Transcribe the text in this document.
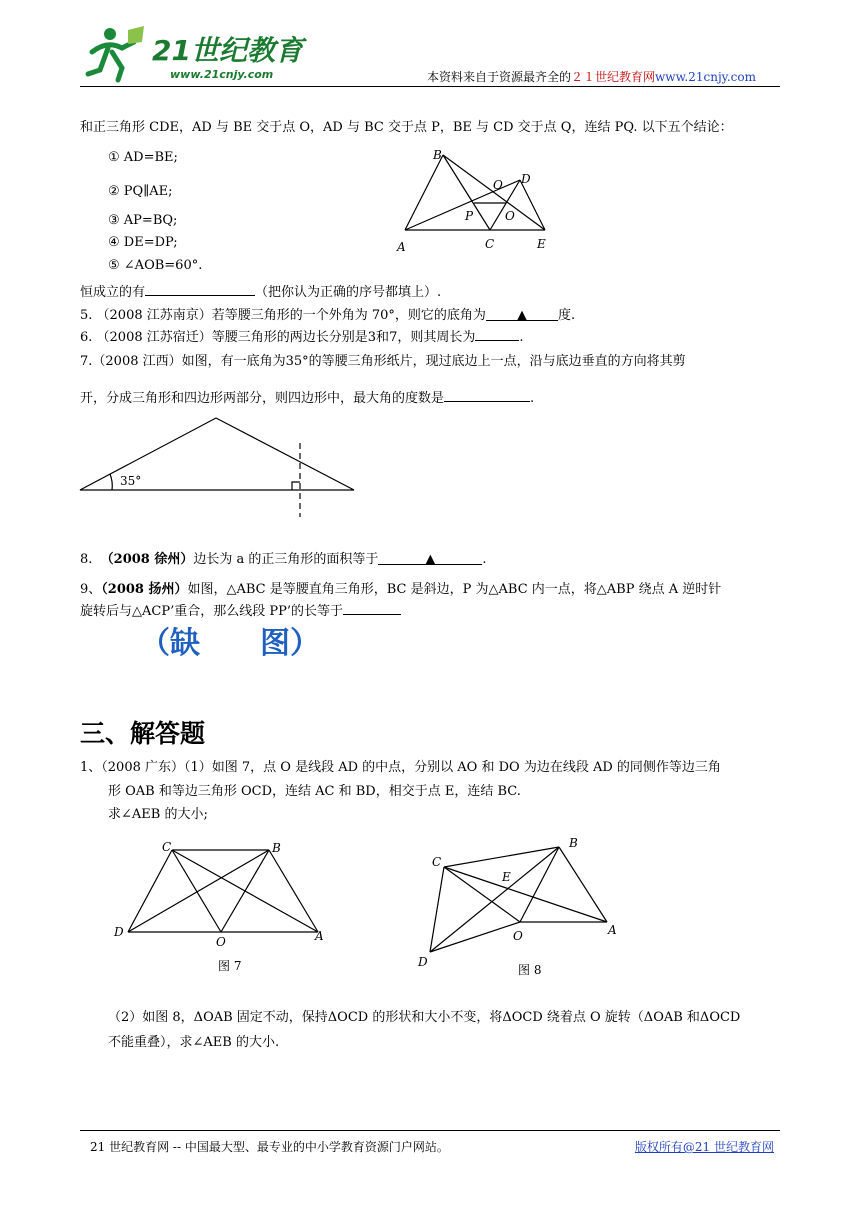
21世纪教育
www.21cnjy.com	本资料来自于资源最齐全的２１世纪教育网www.21cnjy.com
和正三角形 CDE，AD 与 BE 交于点 O，AD 与 BC 交于点 P，BE 与 CD 交于点 Q，连结 PQ. 以下五个结论：
① AD=BE;
② PQ∥AE;
③ AP=BQ;
④ DE=DP;
⑤ ∠AOB=60°.
B
D
O
P	O
A	C	E
恒成立的有	（把你认为正确的序号都填上）.
5. （2008 江苏南京）若等腰三角形的一个外角为 70°，则它的底角为 ▲ 度.
6. （2008 江苏宿迁）等腰三角形的两边长分别是3和7，则其周长为	.
7.（2008 江西）如图，有一底角为35°的等腰三角形纸片，现过底边上一点，沿与底边垂直的方向将其剪
开，分成三角形和四边形两部分，则四边形中，最大角的度数是	.
35°
8. （2008 徐州）边长为 a 的正三角形的面积等于	▲	.
9、（2008 扬州）如图，△ABC 是等腰直角三角形，BC 是斜边，P 为△ABC 内一点，将△ABP 绕点 A 逆时针
旋转后与△ACP’重合，那么线段 PP’的长等于
（缺　　图）
三、解答题
1、（2008 广东）（1）如图 7，点 O 是线段 AD 的中点，分别以 AO 和 DO 为边在线段 AD 的同侧作等边三角
形 OAB 和等边三角形 OCD，连结 AC 和 BD，相交于点 E，连结 BC.
求∠AEB 的大小;
C	B
D
O	A
图 7
C
B
E
O	A
D
图 8
（2）如图 8，ΔOAB 固定不动，保持ΔOCD 的形状和大小不变，将ΔOCD 绕着点 O 旋转（ΔOAB 和ΔOCD
不能重叠），求∠AEB 的大小.
21 世纪教育网 -- 中国最大型、最专业的中小学教育资源门户网站。	版权所有@21 世纪教育网
